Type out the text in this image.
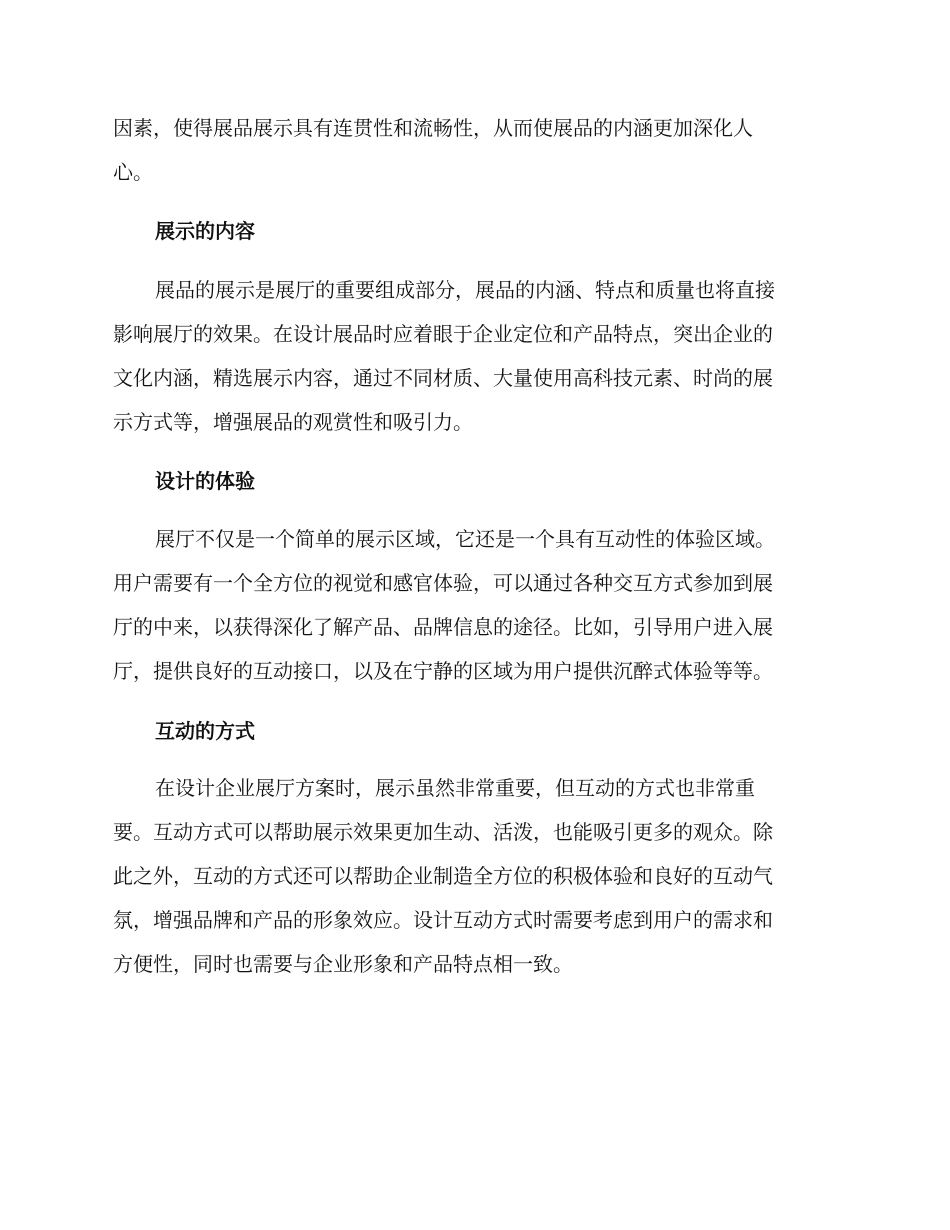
因素，使得展品展示具有连贯性和流畅性，从而使展品的内涵更加深化人
心。
展示的内容
展品的展示是展厅的重要组成部分，展品的内涵、特点和质量也将直接
影响展厅的效果。在设计展品时应着眼于企业定位和产品特点，突出企业的
文化内涵，精选展示内容，通过不同材质、大量使用高科技元素、时尚的展
示方式等，增强展品的观赏性和吸引力。
设计的体验
展厅不仅是一个简单的展示区域，它还是一个具有互动性的体验区域。
用户需要有一个全方位的视觉和感官体验，可以通过各种交互方式参加到展
厅的中来，以获得深化了解产品、品牌信息的途径。比如，引导用户进入展
厅，提供良好的互动接口，以及在宁静的区域为用户提供沉醉式体验等等。
互动的方式
在设计企业展厅方案时，展示虽然非常重要，但互动的方式也非常重
要。互动方式可以帮助展示效果更加生动、活泼，也能吸引更多的观众。除
此之外，互动的方式还可以帮助企业制造全方位的积极体验和良好的互动气
氛，增强品牌和产品的形象效应。设计互动方式时需要考虑到用户的需求和
方便性，同时也需要与企业形象和产品特点相一致。
